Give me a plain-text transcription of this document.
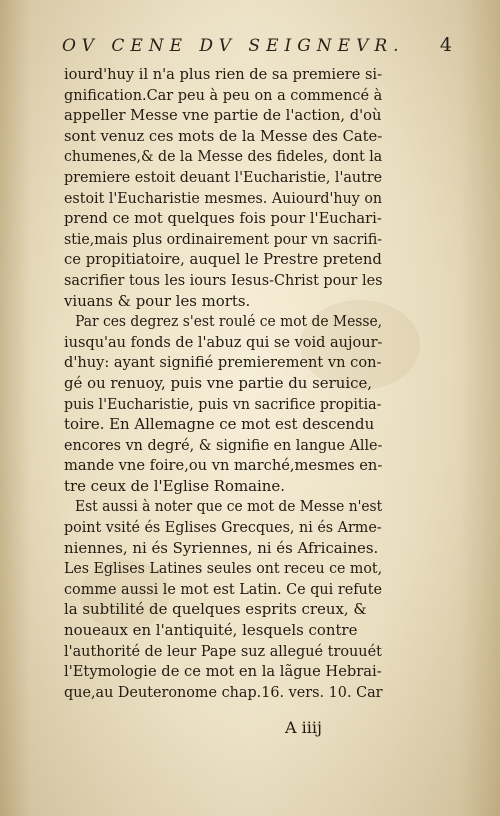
OV CENE DV SEIGNEVR. 4
iourd'huy il n'a plus rien de sa premiere si-
gnification.Car peu à peu on a commencé à
appeller Messe vne partie de l'action, d'où
sont venuz ces mots de la Messe des Cate-
chumenes,& de la Messe des fideles, dont la
premiere estoit deuant l'Eucharistie, l'autre
estoit l'Eucharistie mesmes. Auiourd'huy on
prend ce mot quelques fois pour l'Euchari-
stie,mais plus ordinairement pour vn sacrifi-
ce propitiatoire, auquel le Prestre pretend
sacrifier tous les iours Iesus-Christ pour les
viuans & pour les morts.
Par ces degrez s'est roulé ce mot de Messe,
iusqu'au fonds de l'abuz qui se void aujour-
d'huy: ayant signifié premierement vn con-
gé ou renuoy, puis vne partie du seruice,
puis l'Eucharistie, puis vn sacrifice propitia-
toire. En Allemagne ce mot est descendu
encores vn degré, & signifie en langue Alle-
mande vne foire,ou vn marché,mesmes en-
tre ceux de l'Eglise Romaine.
Est aussi à noter que ce mot de Messe n'est
point vsité és Eglises Grecques, ni és Arme-
niennes, ni és Syriennes, ni és Africaines.
Les Eglises Latines seules ont receu ce mot,
comme aussi le mot est Latin. Ce qui refute
la subtilité de quelques esprits creux, &
noueaux en l'antiquité, lesquels contre
l'authorité de leur Pape suz allegué trouuét
l'Etymologie de ce mot en la lãgue Hebrai-
que,au Deuteronome chap.16. vers. 10. Car
A iiij
